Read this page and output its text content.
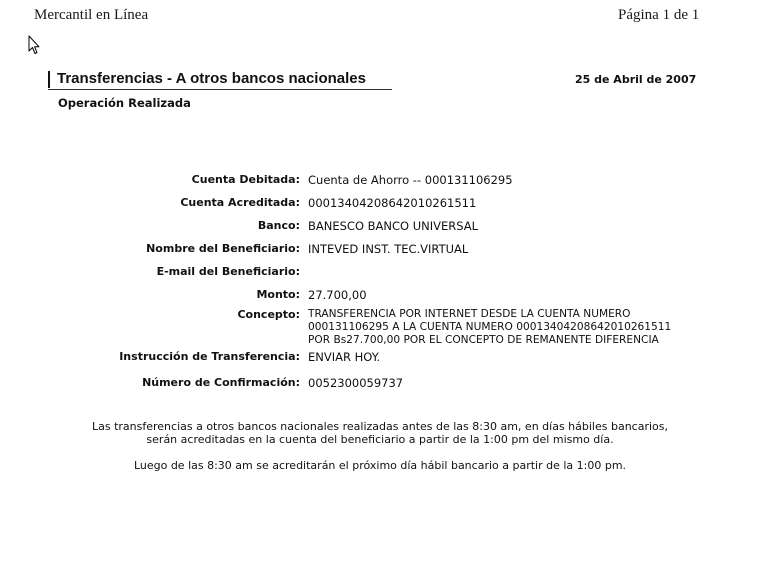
Mercantil en Línea	Página 1 de 1
Transferencias - A otros bancos nacionales	25 de Abril de 2007
Operación Realizada
Cuenta Debitada: Cuenta de Ahorro -- 000131106295
Cuenta Acreditada: 00013404208642010261511
Banco: BANESCO BANCO UNIVERSAL
Nombre del Beneficiario: INTEVED INST. TEC.VIRTUAL
E-mail del Beneficiario:
Monto: 27.700,00
Concepto: TRANSFERENCIA POR INTERNET DESDE LA CUENTA NUMERO
000131106295 A LA CUENTA NUMERO 00013404208642010261511
POR Bs27.700,00 POR EL CONCEPTO DE REMANENTE DIFERENCIA
Instrucción de Transferencia: ENVIAR HOY.
Número de Confirmación: 0052300059737
Las transferencias a otros bancos nacionales realizadas antes de las 8:30 am, en días hábiles bancarios,
serán acreditadas en la cuenta del beneficiario a partir de la 1:00 pm del mismo día.
Luego de las 8:30 am se acreditarán el próximo día hábil bancario a partir de la 1:00 pm.
